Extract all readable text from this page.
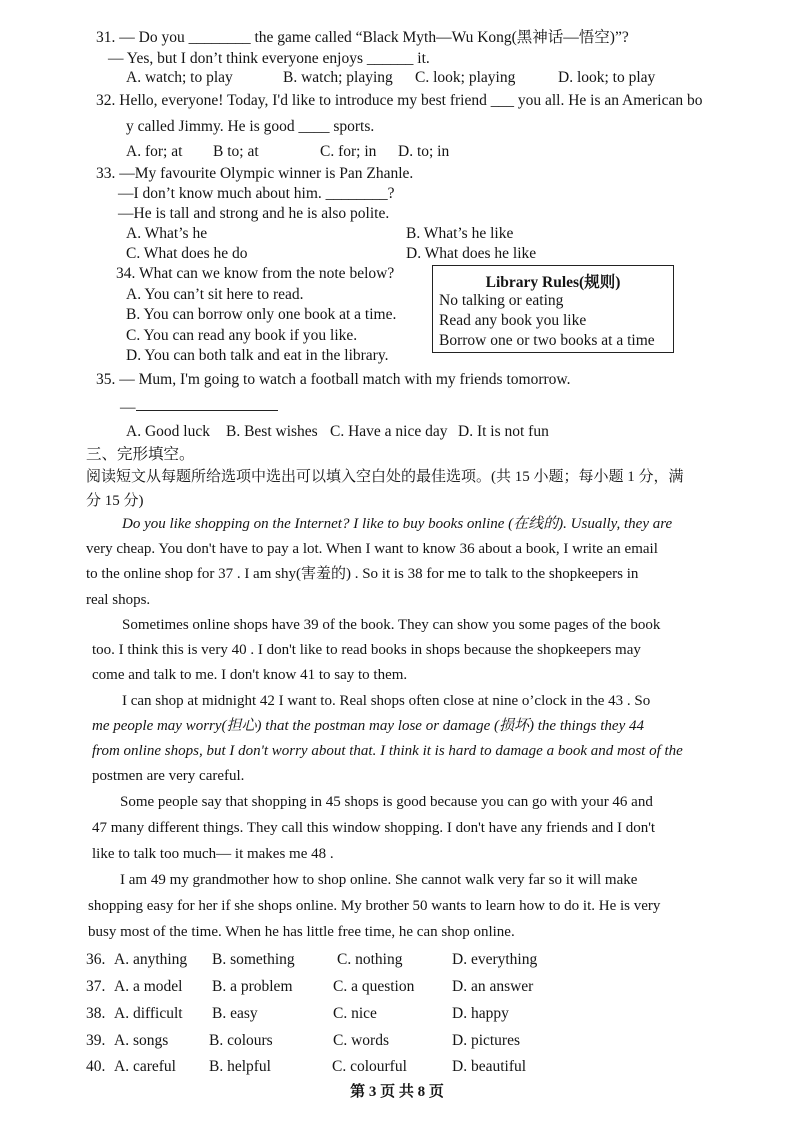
31. — Do you ________ the game called “Black Myth—Wu Kong(黑神话—悟空)”?
— Yes, but I don’t think everyone enjoys ______ it.
A. watch; to play	B. watch; playing C. look; playing	D. look; to play
32. Hello, everyone! Today, I'd like to introduce my best friend ___ you all. He is an American bo
y called Jimmy. He is good ____ sports.
A. for; at B to; at	C. for; in D. to; in
33. —My favourite Olympic winner is Pan Zhanle.
—I don’t know much about him. ________?
—He is tall and strong and he is also polite.
A. What’s he	B. What’s he like
C. What does he do	D. What does he like
34. What can we know from the note below?
A. You can’t sit here to read.
B. You can borrow only one book at a time.
C. You can read any book if you like.
D. You can both talk and eat in the library.
Library Rules(规则)
No talking or eating
Read any book you like
Borrow one or two books at a time
35. — Mum, I'm going to watch a football match with my friends tomorrow.
—
A. Good luck B. Best wishes C. Have a nice day D. It is not fun
三、完形填空。
阅读短文从每题所给选项中选出可以填入空白处的最佳选项。(共 15 小题；每小题 1 分，满
分 15 分)
Do you like shopping on the Internet? I like to buy books online (在线的). Usually, they are
very cheap. You don't have to pay a lot. When I want to know 36 about a book, I write an email
to the online shop for 37 . I am shy(害羞的) . So it is 38 for me to talk to the shopkeepers in
real shops.
Sometimes online shops have 39 of the book. They can show you some pages of the book
too. I think this is very 40 . I don't like to read books in shops because the shopkeepers may
come and talk to me. I don't know 41 to say to them.
I can shop at midnight 42 I want to. Real shops often close at nine o’clock in the 43 . So
me people may worry(担心) that the postman may lose or damage (损坏) the things they 44
from online shops, but I don't worry about that. I think it is hard to damage a book and most of the
postmen are very careful.
Some people say that shopping in 45 shops is good because you can go with your 46 and
47 many different things. They call this window shopping. I don't have any friends and I don't
like to talk too much— it makes me 48 .
I am 49 my grandmother how to shop online. She cannot walk very far so it will make
shopping easy for her if she shops online. My brother 50 wants to learn how to do it. He is very
busy most of the time. When he has little free time, he can shop online.
36. A. anything B. something	C. nothing	D. everything
37. A. a model B. a problem	C. a question D. an answer
38. A. difficult B. easy	C. nice	D. happy
39. A. songs	B. colours	C. words	D. pictures
40. A. careful B. helpful	C. colourful	D. beautiful
第 3 页 共 8 页
